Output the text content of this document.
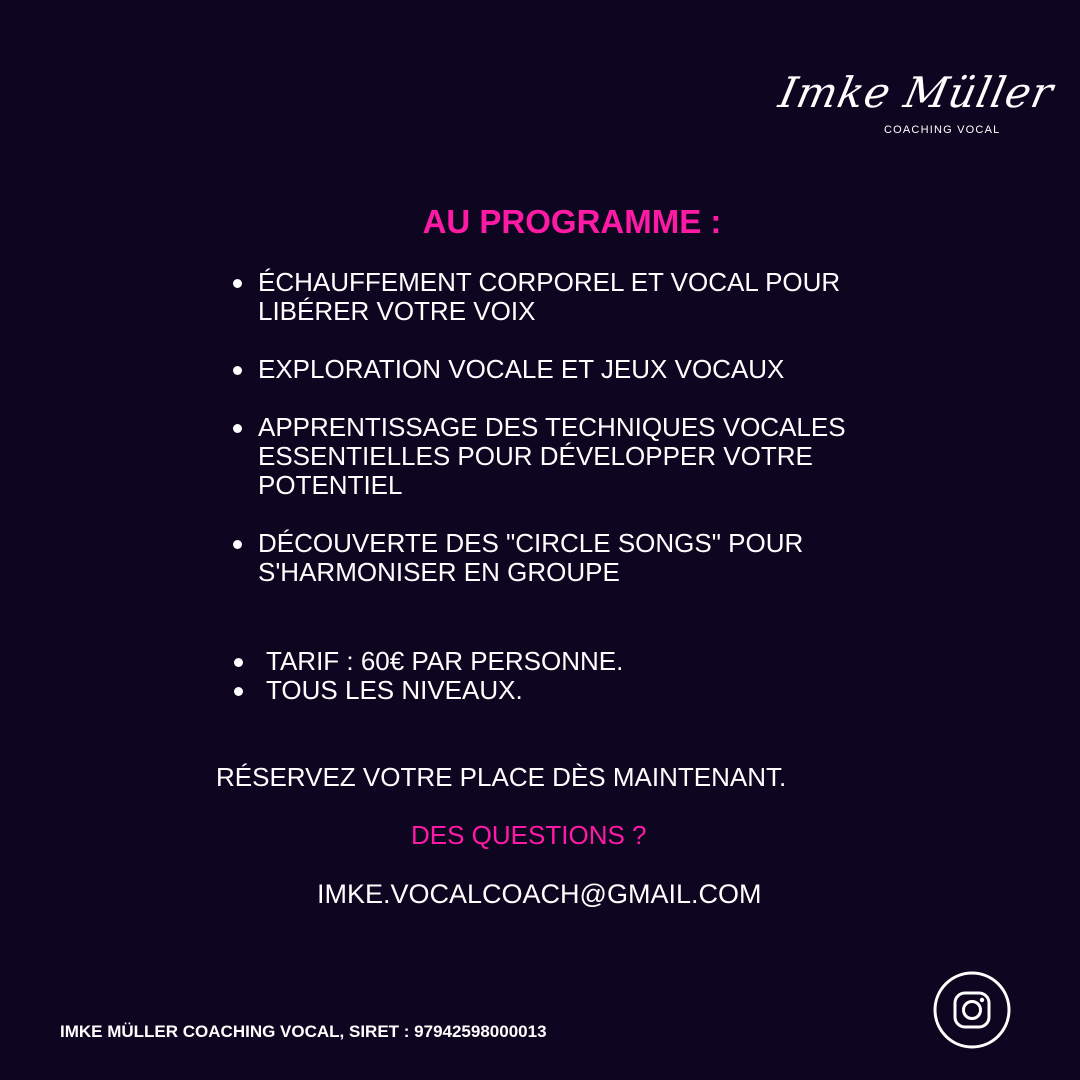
Imke Müller
COACHING VOCAL
AU PROGRAMME :
ÉCHAUFFEMENT CORPOREL ET VOCAL POUR LIBÉRER VOTRE VOIX
EXPLORATION VOCALE ET JEUX VOCAUX
APPRENTISSAGE DES TECHNIQUES VOCALES ESSENTIELLES POUR DÉVELOPPER VOTRE POTENTIEL
DÉCOUVERTE DES "CIRCLE SONGS" POUR S'HARMONISER EN GROUPE
TARIF : 60€ PAR PERSONNE.
TOUS LES NIVEAUX.
RÉSERVEZ VOTRE PLACE DÈS MAINTENANT.
DES QUESTIONS ?
IMKE.VOCALCOACH@GMAIL.COM
IMKE MÜLLER COACHING VOCAL, SIRET : 97942598000013
